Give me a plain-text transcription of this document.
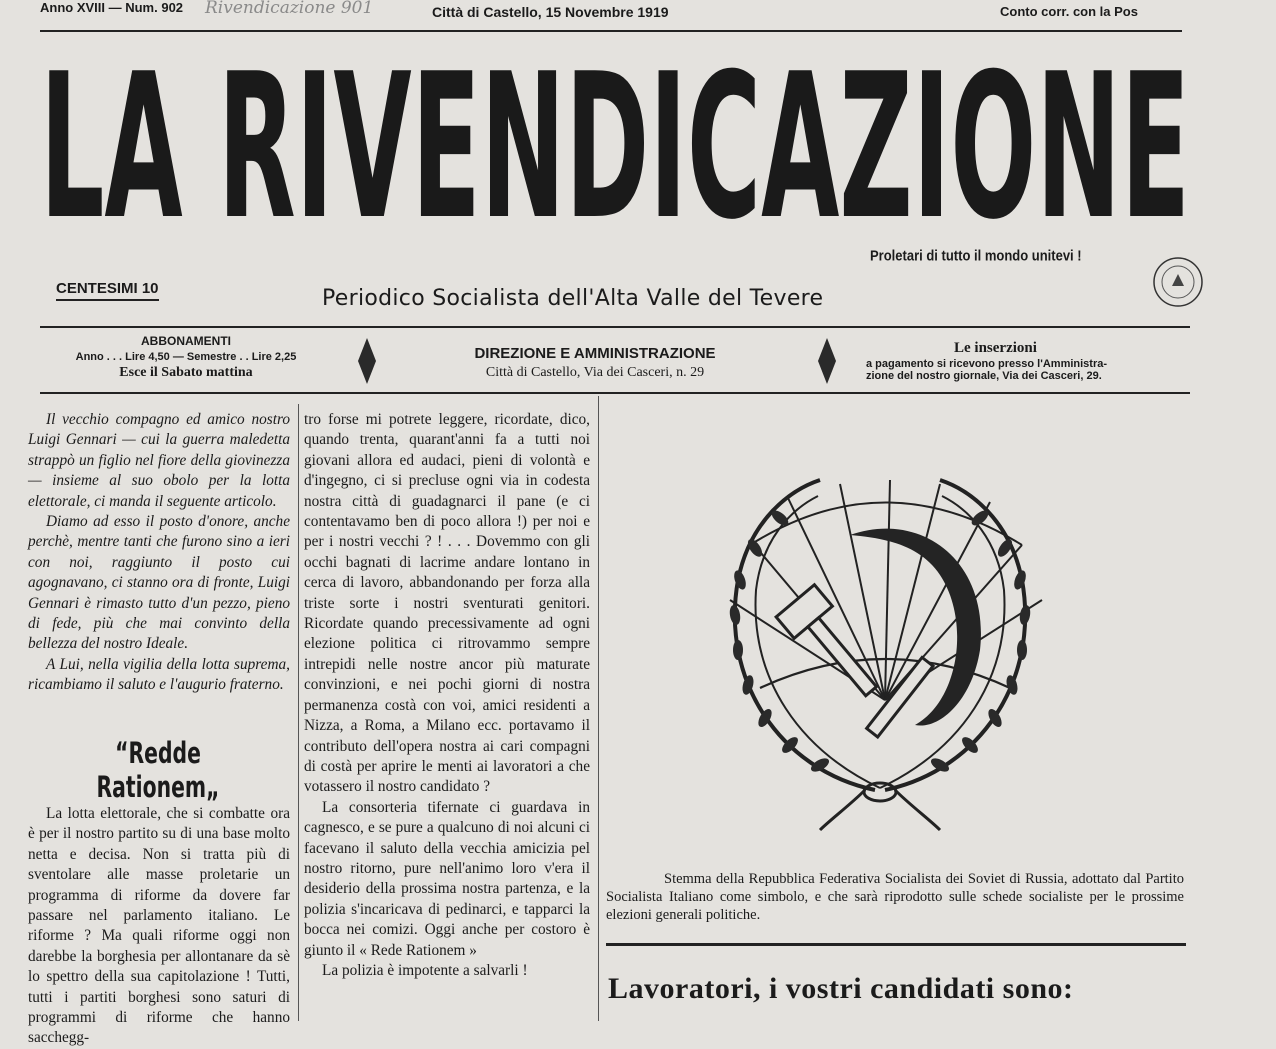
Anno XVIII — Num. 902 Rivendicazione 901	Città di Castello, 15 Novembre 1919	Conto corr. con la Pos
LA RIVENDICAZIONE
Proletari di tutto il mondo unitevi !
CENTESIMI 10	Periodico Socialista dell'Alta Valle del Tevere
ABBONAMENTI
Anno . . . Lire 4,50 — Semestre . . Lire 2,25
Esce il Sabato mattina
DIREZIONE E AMMINISTRAZIONE
Città di Castello, Via dei Casceri, n. 29
Le inserzioni
a pagamento si ricevono presso l'Amministra-
zione del nostro giornale, Via dei Casceri, 29.

Il vecchio compagno ed amico nostro Luigi Gennari — cui la guerra maledetta strappò un figlio nel fiore della giovinezza — insieme al suo obolo per la lotta elettorale, ci manda il seguente articolo.

Diamo ad esso il posto d'onore, anche perchè, mentre tanti che furono sino a ieri con noi, raggiunto il posto cui agognavano, ci stanno ora di fronte, Luigi Gennari è rimasto tutto d'un pezzo, pieno di fede, più che mai convinto della bellezza del nostro Ideale.

A Lui, nella vigilia della lotta suprema, ricambiamo il saluto e l'augurio fraterno.

“Redde Rationem„

La lotta elettorale, che si combatte ora è per il nostro partito su di una base molto netta e decisa. Non si tratta più di sventolare alle masse proletarie un programma di riforme da dovere far passare nel parlamento italiano. Le riforme ? Ma quali riforme oggi non darebbe la borghesia per allontanare da sè lo spettro della sua capitolazione ! Tutti, tutti i partiti borghesi sono saturi di programmi di riforme che hanno sacchegg-

tro forse mi potrete leggere, ricordate, dico, quando trenta, quarant'anni fa a tutti noi giovani allora ed audaci, pieni di volontà e d'ingegno, ci si precluse ogni via in codesta nostra città di guadagnarci il pane (e ci contentavamo ben di poco allora !) per noi e per i nostri vecchi ? ! . . . Dovemmo con gli occhi bagnati di lacrime andare lontano in cerca di lavoro, abbandonando per forza alla triste sorte i nostri sventurati genitori. Ricordate quando precessivamente ad ogni elezione politica ci ritrovammo sempre intrepidi nelle nostre ancor più maturate convinzioni, e nei pochi giorni di nostra permanenza costà con voi, amici residenti a Nizza, a Roma, a Milano ecc. portavamo il contributo dell'opera nostra ai cari compagni di costà per aprire le menti ai lavoratori a che votassero il nostro candidato ?

La consorteria tifernate ci guardava in cagnesco, e se pure a qualcuno di noi alcuni ci facevano il saluto della vecchia amicizia pel nostro ritorno, pure nell'animo loro v'era il desiderio della prossima nostra partenza, e la polizia s'incaricava di pedinarci, e tapparci la bocca nei comizi. Oggi anche per costoro è giunto il « Rede Rationem »

La polizia è impotente a salvarli !

Stemma della Repubblica Federativa Socialista dei Soviet di Russia, adottato dal Partito Socialista Italiano come simbolo, e che sarà riprodotto sulle schede socialiste per le prossime elezioni generali politiche.
Lavoratori, i vostri candidati sono:
